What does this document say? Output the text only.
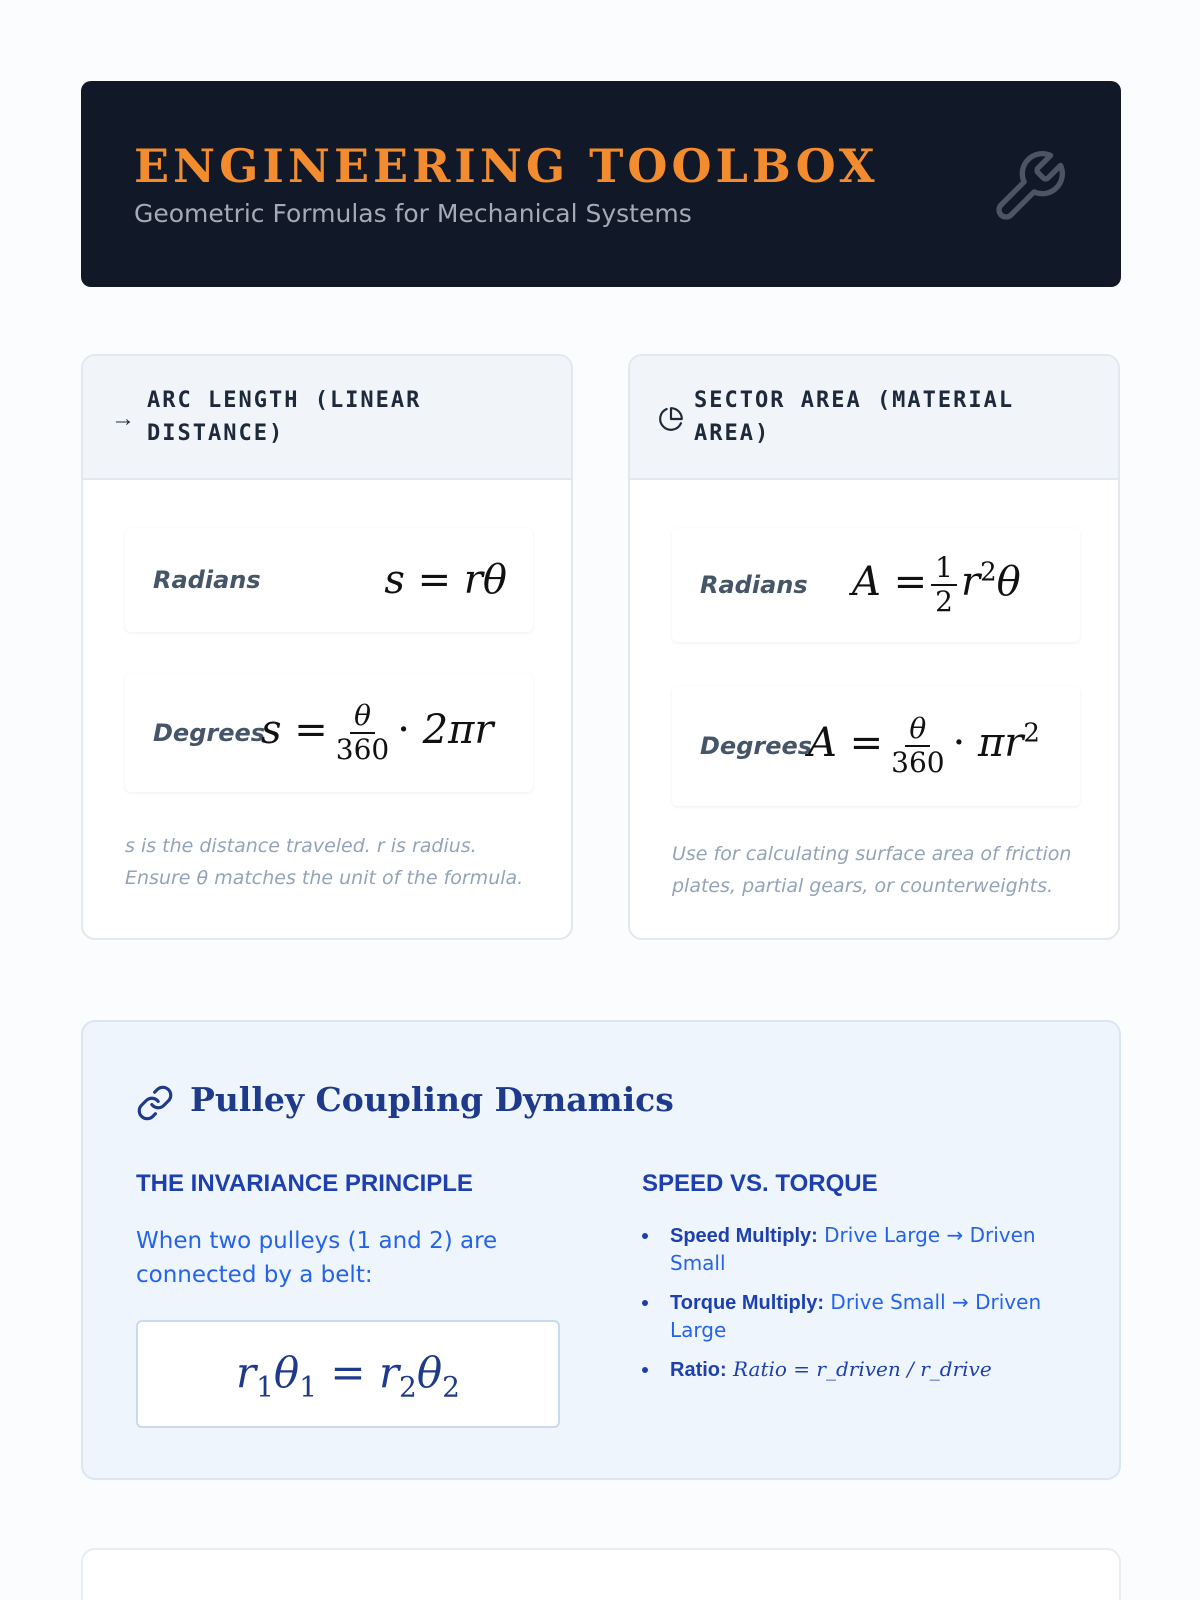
ENGINEERING TOOLBOX
Geometric Formulas for Mechanical Systems
→
ARC LENGTH (LINEAR DISTANCE)
Radians	s = rθ
Degrees
$s = \frac{\theta}{360} \cdot 2\pi r$
s is the distance traveled. r is radius. Ensure θ matches the unit of the formula.
SECTOR AREA (MATERIAL AREA)
Radians $A = \frac{1}{2} r^2\theta$
Degrees
$A = \frac{\theta}{360} \cdot \pi r^2$
Use for calculating surface area of friction plates, partial gears, or counterweights.
Pulley Coupling Dynamics
THE INVARIANCE PRINCIPLE
When two pulleys (1 and 2) are connected by a belt:
$r_1\theta_1 = r_2\theta_2$
SPEED VS. TORQUE
Speed Multiply: Drive Large → Driven Small
Torque Multiply: Drive Small → Driven Large
Ratio: Ratio = r_driven / r_drive
